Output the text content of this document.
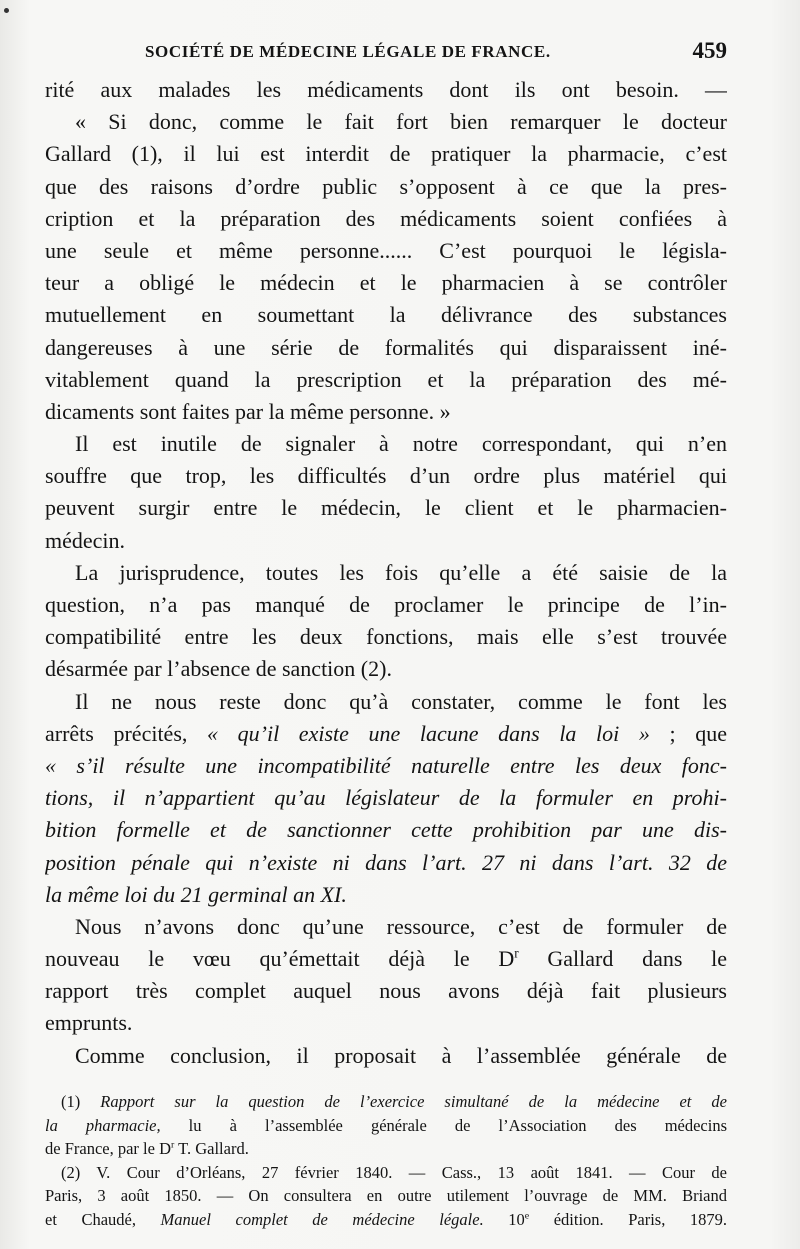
SOCIÉTÉ DE MÉDECINE LÉGALE DE FRANCE.	459
rité aux malades les médicaments dont ils ont besoin. —
« Si donc, comme le fait fort bien remarquer le docteur
Gallard (1), il lui est interdit de pratiquer la pharmacie, c’est
que des raisons d’ordre public s’opposent à ce que la pres-
cription et la préparation des médicaments soient confiées à
une seule et même personne...... C’est pourquoi le législa-
teur a obligé le médecin et le pharmacien à se contrôler
mutuellement en soumettant la délivrance des substances
dangereuses à une série de formalités qui disparaissent iné-
vitablement quand la prescription et la préparation des mé-
dicaments sont faites par la même personne. »
Il est inutile de signaler à notre correspondant, qui n’en
souffre que trop, les difficultés d’un ordre plus matériel qui
peuvent surgir entre le médecin, le client et le pharmacien-
médecin.
La jurisprudence, toutes les fois qu’elle a été saisie de la
question, n’a pas manqué de proclamer le principe de l’in-
compatibilité entre les deux fonctions, mais elle s’est trouvée
désarmée par l’absence de sanction (2).
Il ne nous reste donc qu’à constater, comme le font les
arrêts précités, « qu’il existe une lacune dans la loi » ; que
« s’il résulte une incompatibilité naturelle entre les deux fonc-
tions, il n’appartient qu’au législateur de la formuler en prohi-
bition formelle et de sanctionner cette prohibition par une dis-
position pénale qui n’existe ni dans l’art. 27 ni dans l’art. 32 de
la même loi du 21 germinal an XI.
Nous n’avons donc qu’une ressource, c’est de formuler de
nouveau le vœu qu’émettait déjà le $D^r$ Gallard dans le
rapport très complet auquel nous avons déjà fait plusieurs
emprunts.
Comme conclusion, il proposait à l’assemblée générale de
(1) Rapport sur la question de l’exercice simultané de la médecine et de
la pharmacie, lu à l’assemblée générale de l’Association des médecins
de France, par le $D^r$ T. Gallard.
(2) V. Cour d’Orléans, 27 février 1840. — Cass., 13 août 1841. — Cour de
Paris, 3 août 1850. — On consultera en outre utilement l’ouvrage de MM. Briand
et Chaudé, Manuel complet de médecine légale. 10e édition. Paris, 1879.
